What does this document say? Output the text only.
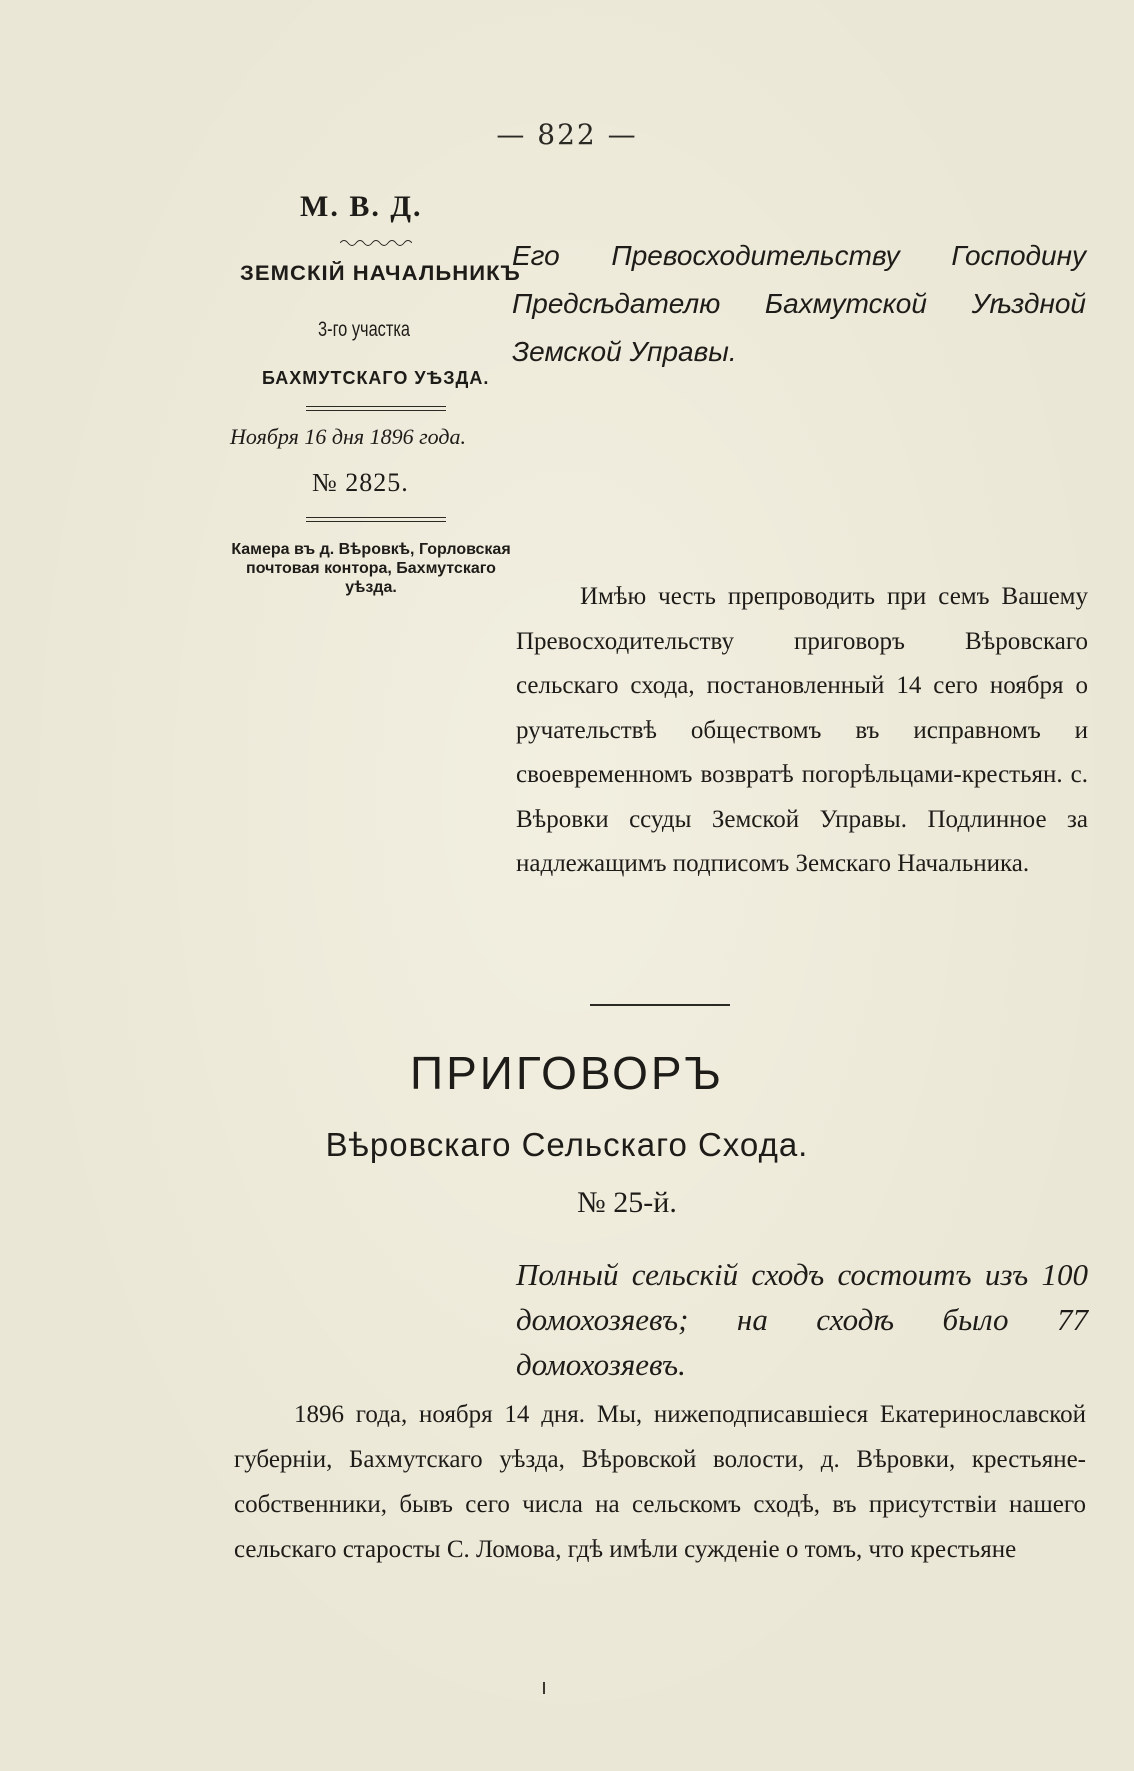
— 822 —
М. В. Д.
ЗЕМСКІЙ НАЧАЛЬНИКЪ
3-го участка
БАХМУТСКАГО УѢЗДА.
Ноября 16 дня 1896 года.
№ 2825.
Камера въ д. Вѣровкѣ, Горловская почтовая контора, Бахмутскаго уѣзда.
Его Превосходительству Господину Предсѣдателю Бахмутской Уѣздной Земской Управы.
Имѣю честь препроводить при семъ Вашему Превосходительству приговоръ Вѣровскаго сельскаго схода, постановленный 14 сего ноября о ручательствѣ обществомъ въ исправномъ и своевременномъ возвратѣ погорѣльцами-крестьян. с. Вѣровки ссуды Земской Управы. Подлинное за надлежащимъ подписомъ Земскаго Начальника.
ПРИГОВОРЪ
Вѣровскаго Сельскаго Схода.
№ 25-й.
Полный сельскій сходъ состоитъ изъ 100 домохозяевъ; на сходѣ было 77 домохозяевъ.
1896 года, ноября 14 дня. Мы, нижеподписавшіеся Екатеринославской губерніи, Бахмутскаго уѣзда, Вѣровской волости, д. Вѣровки, крестьяне-собственники, бывъ сего числа на сельскомъ сходѣ, въ присутствіи нашего сельскаго старосты С. Ломова, гдѣ имѣли сужденіе о томъ, что крестьяне
